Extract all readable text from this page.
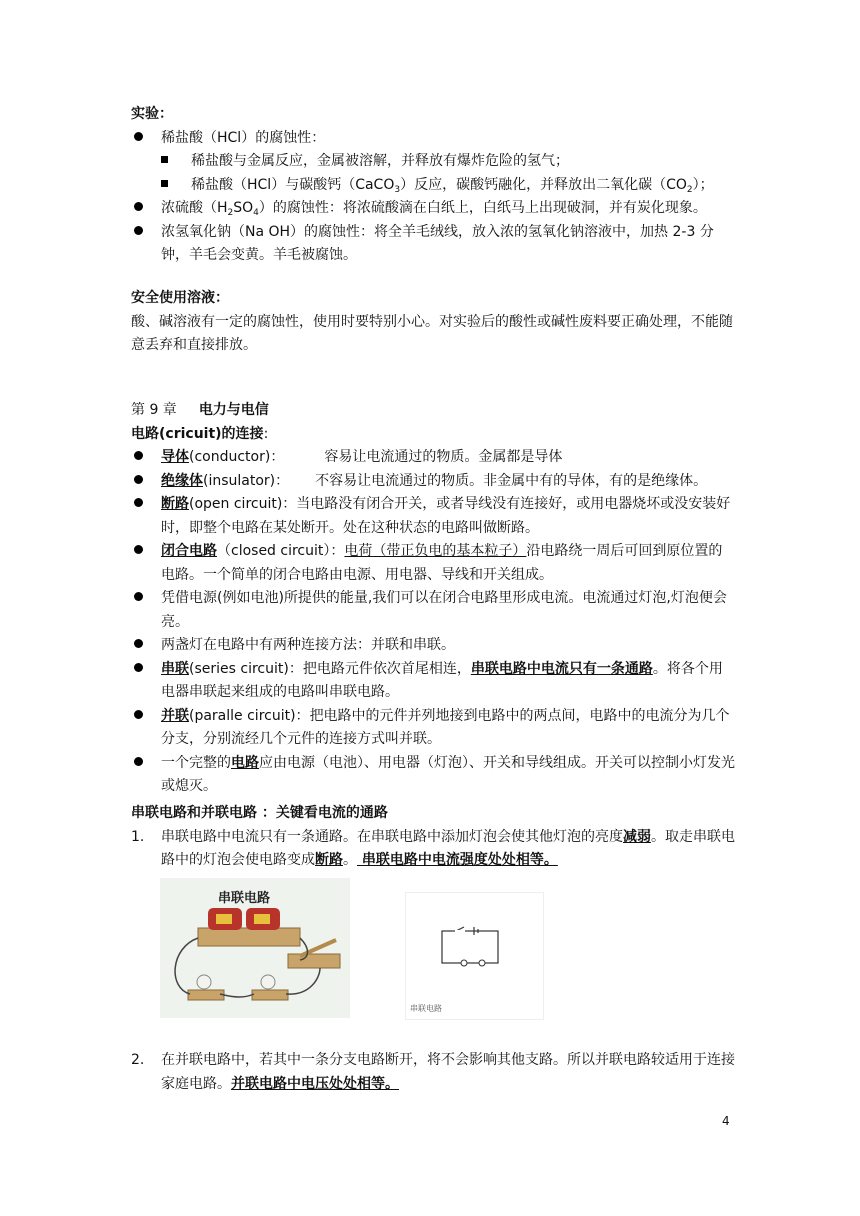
实验：
稀盐酸（HCl）的腐蚀性：
稀盐酸与金属反应，金属被溶解，并释放有爆炸危险的氢气；
稀盐酸（HCl）与碳酸钙（CaCO$_3$）反应，碳酸钙融化，并释放出二氧化碳$(CO_2)$；
浓硫酸$(H_2SO_4)$的腐蚀性：将浓硫酸滴在白纸上，白纸马上出现破洞，并有炭化现象。
浓氢氧化钠（Na OH）的腐蚀性：将全羊毛绒线，放入浓的氢氧化钠溶液中，加热 2-3 分钟，羊毛会变黄。羊毛被腐蚀。
安全使用溶液：
酸、碱溶液有一定的腐蚀性，使用时要特别小心。对实验后的酸性或碱性废料要正确处理，不能随意丢弃和直接排放。
第 9 章 电力与电信
电路(cricuit)的连接:
导体(conductor)：	容易让电流通过的物质。金属都是导体
绝缘体(insulator)： 不容易让电流通过的物质。非金属中有的导体，有的是绝缘体。
断路(open circuit)：当电路没有闭合开关，或者导线没有连接好，或用电器烧坏或没安装好时，即整个电路在某处断开。处在这种状态的电路叫做断路。
闭合电路（closed circuit）：电荷（带正负电的基本粒子）沿电路绕一周后可回到原位置的电路。一个简单的闭合电路由电源、用电器、导线和开关组成。
凭借电源(例如电池)所提供的能量,我们可以在闭合电路里形成电流。电流通过灯泡,灯泡便会亮。
两盏灯在电路中有两种连接方法：并联和串联。
串联(series circuit)：把电路元件依次首尾相连，串联电路中电流只有一条通路。将各个用电器串联起来组成的电路叫串联电路。
并联(paralle circuit)：把电路中的元件并列地接到电路中的两点间，电路中的电流分为几个分支，分别流经几个元件的连接方式叫并联。
一个完整的电路应由电源（电池）、用电器（灯泡）、开关和导线组成。开关可以控制小灯发光或熄灭。
串联电路和并联电路 ：关键看电流的通路
1. 串联电路中电流只有一条通路。在串联电路中添加灯泡会使其他灯泡的亮度减弱。取走串联电路中的灯泡会使电路变成断路。 串联电路中电流强度处处相等。
串联电路
串联电路
2. 在并联电路中，若其中一条分支电路断开，将不会影响其他支路。所以并联电路较适用于连接家庭电路。并联电路中电压处处相等。
4
